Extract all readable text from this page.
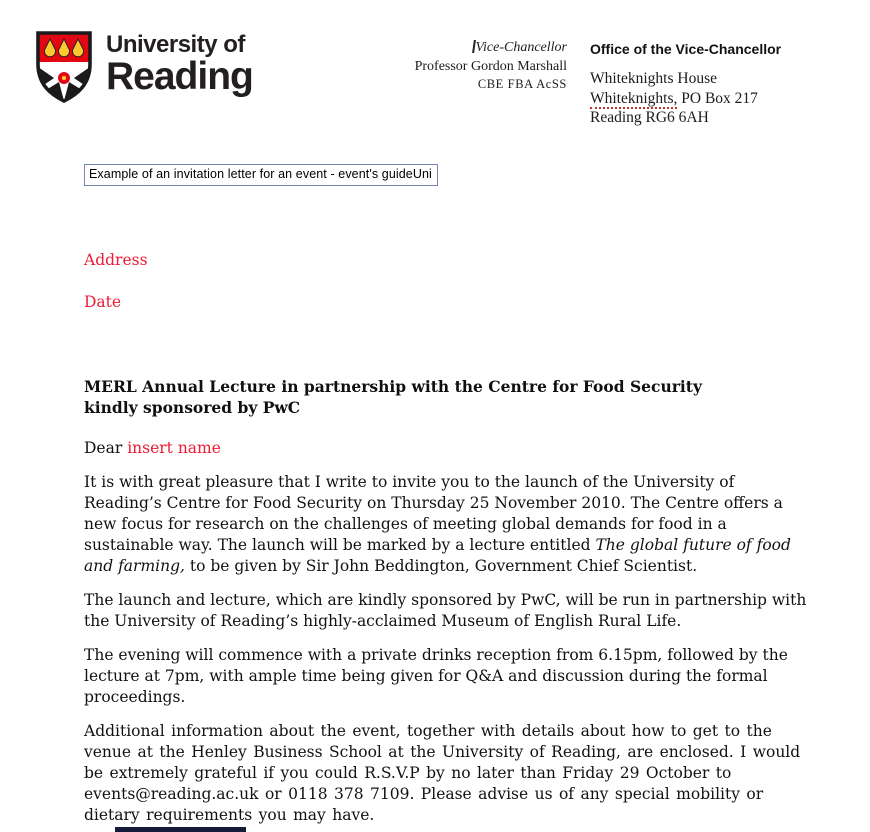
University of
Reading
Vice-Chancellor
Professor Gordon Marshall
CBE FBA AcSS
Office of the Vice-Chancellor
Whiteknights House
Whiteknights, PO Box 217
Reading RG6 6AH
Example of an invitation letter for an event - event's guideUni
Address
Date
MERL Annual Lecture in partnership with the Centre for Food Security
kindly sponsored by PwC
Dear insert name

It is with great pleasure that I write to invite you to the launch of the University of Reading’s Centre for Food Security on Thursday 25 November 2010. The Centre offers a new focus for research on the challenges of meeting global demands for food in a sustainable way. The launch will be marked by a lecture entitled The global future of food and farming, to be given by Sir John Beddington, Government Chief Scientist.

The launch and lecture, which are kindly sponsored by PwC, will be run in partnership with the University of Reading’s highly-acclaimed Museum of English Rural Life.

The evening will commence with a private drinks reception from 6.15pm, followed by the lecture at 7pm, with ample time being given for Q&A and discussion during the formal proceedings.

Additional information about the event, together with details about how to get to the venue at the Henley Business School at the University of Reading, are enclosed. I would be extremely grateful if you could R.S.V.P by no later than Friday 29 October to events@reading.ac.uk or 0118 378 7109. Please advise us of any special mobility or dietary requirements you may have.
